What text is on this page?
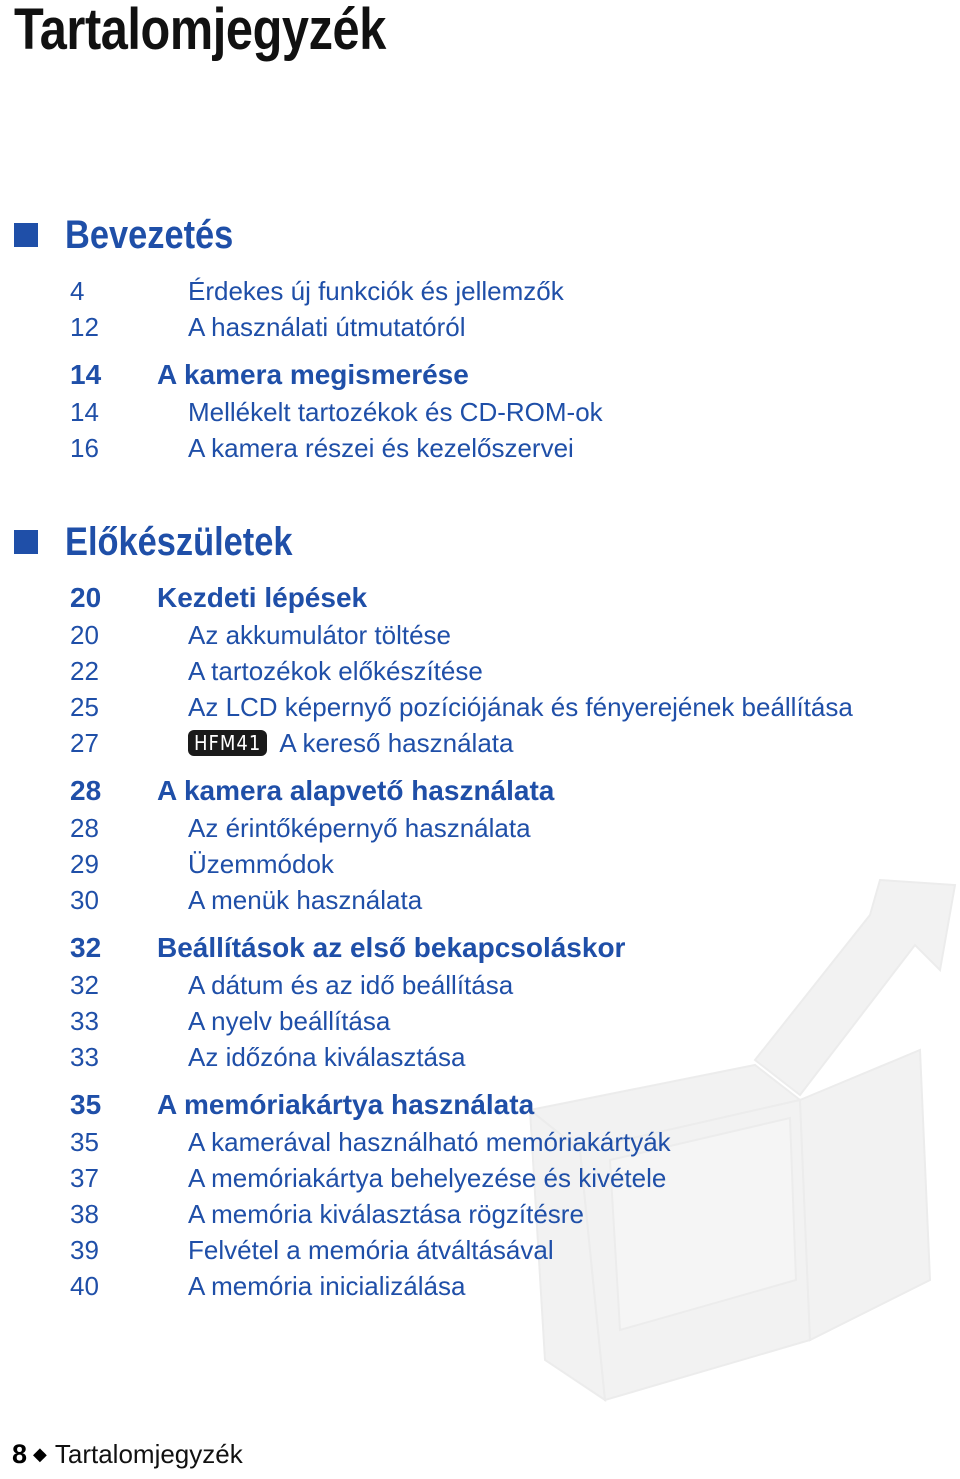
Tartalomjegyzék
Bevezetés
4	Érdekes új funkciók és jellemzők
12	A használati útmutatóról
14 A kamera megismerése
14	Mellékelt tartozékok és CD-ROM-ok
16	A kamera részei és kezelőszervei
Előkészületek
20 Kezdeti lépések
20	Az akkumulátor töltése
22	A tartozékok előkészítése
25	Az LCD képernyő pozíciójának és fényerejének beállítása
27	HFM41 A kereső használata
28 A kamera alapvető használata
28	Az érintőképernyő használata
29	Üzemmódok
30	A menük használata
32 Beállítások az első bekapcsoláskor
32	A dátum és az idő beállítása
33	A nyelv beállítása
33	Az időzóna kiválasztása
35 A memóriakártya használata
35	A kamerával használható memóriakártyák
37	A memóriakártya behelyezése és kivétele
38	A memória kiválasztása rögzítésre
39	Felvétel a memória átváltásával
40	A memória inicializálása
8 ◆ Tartalomjegyzék
